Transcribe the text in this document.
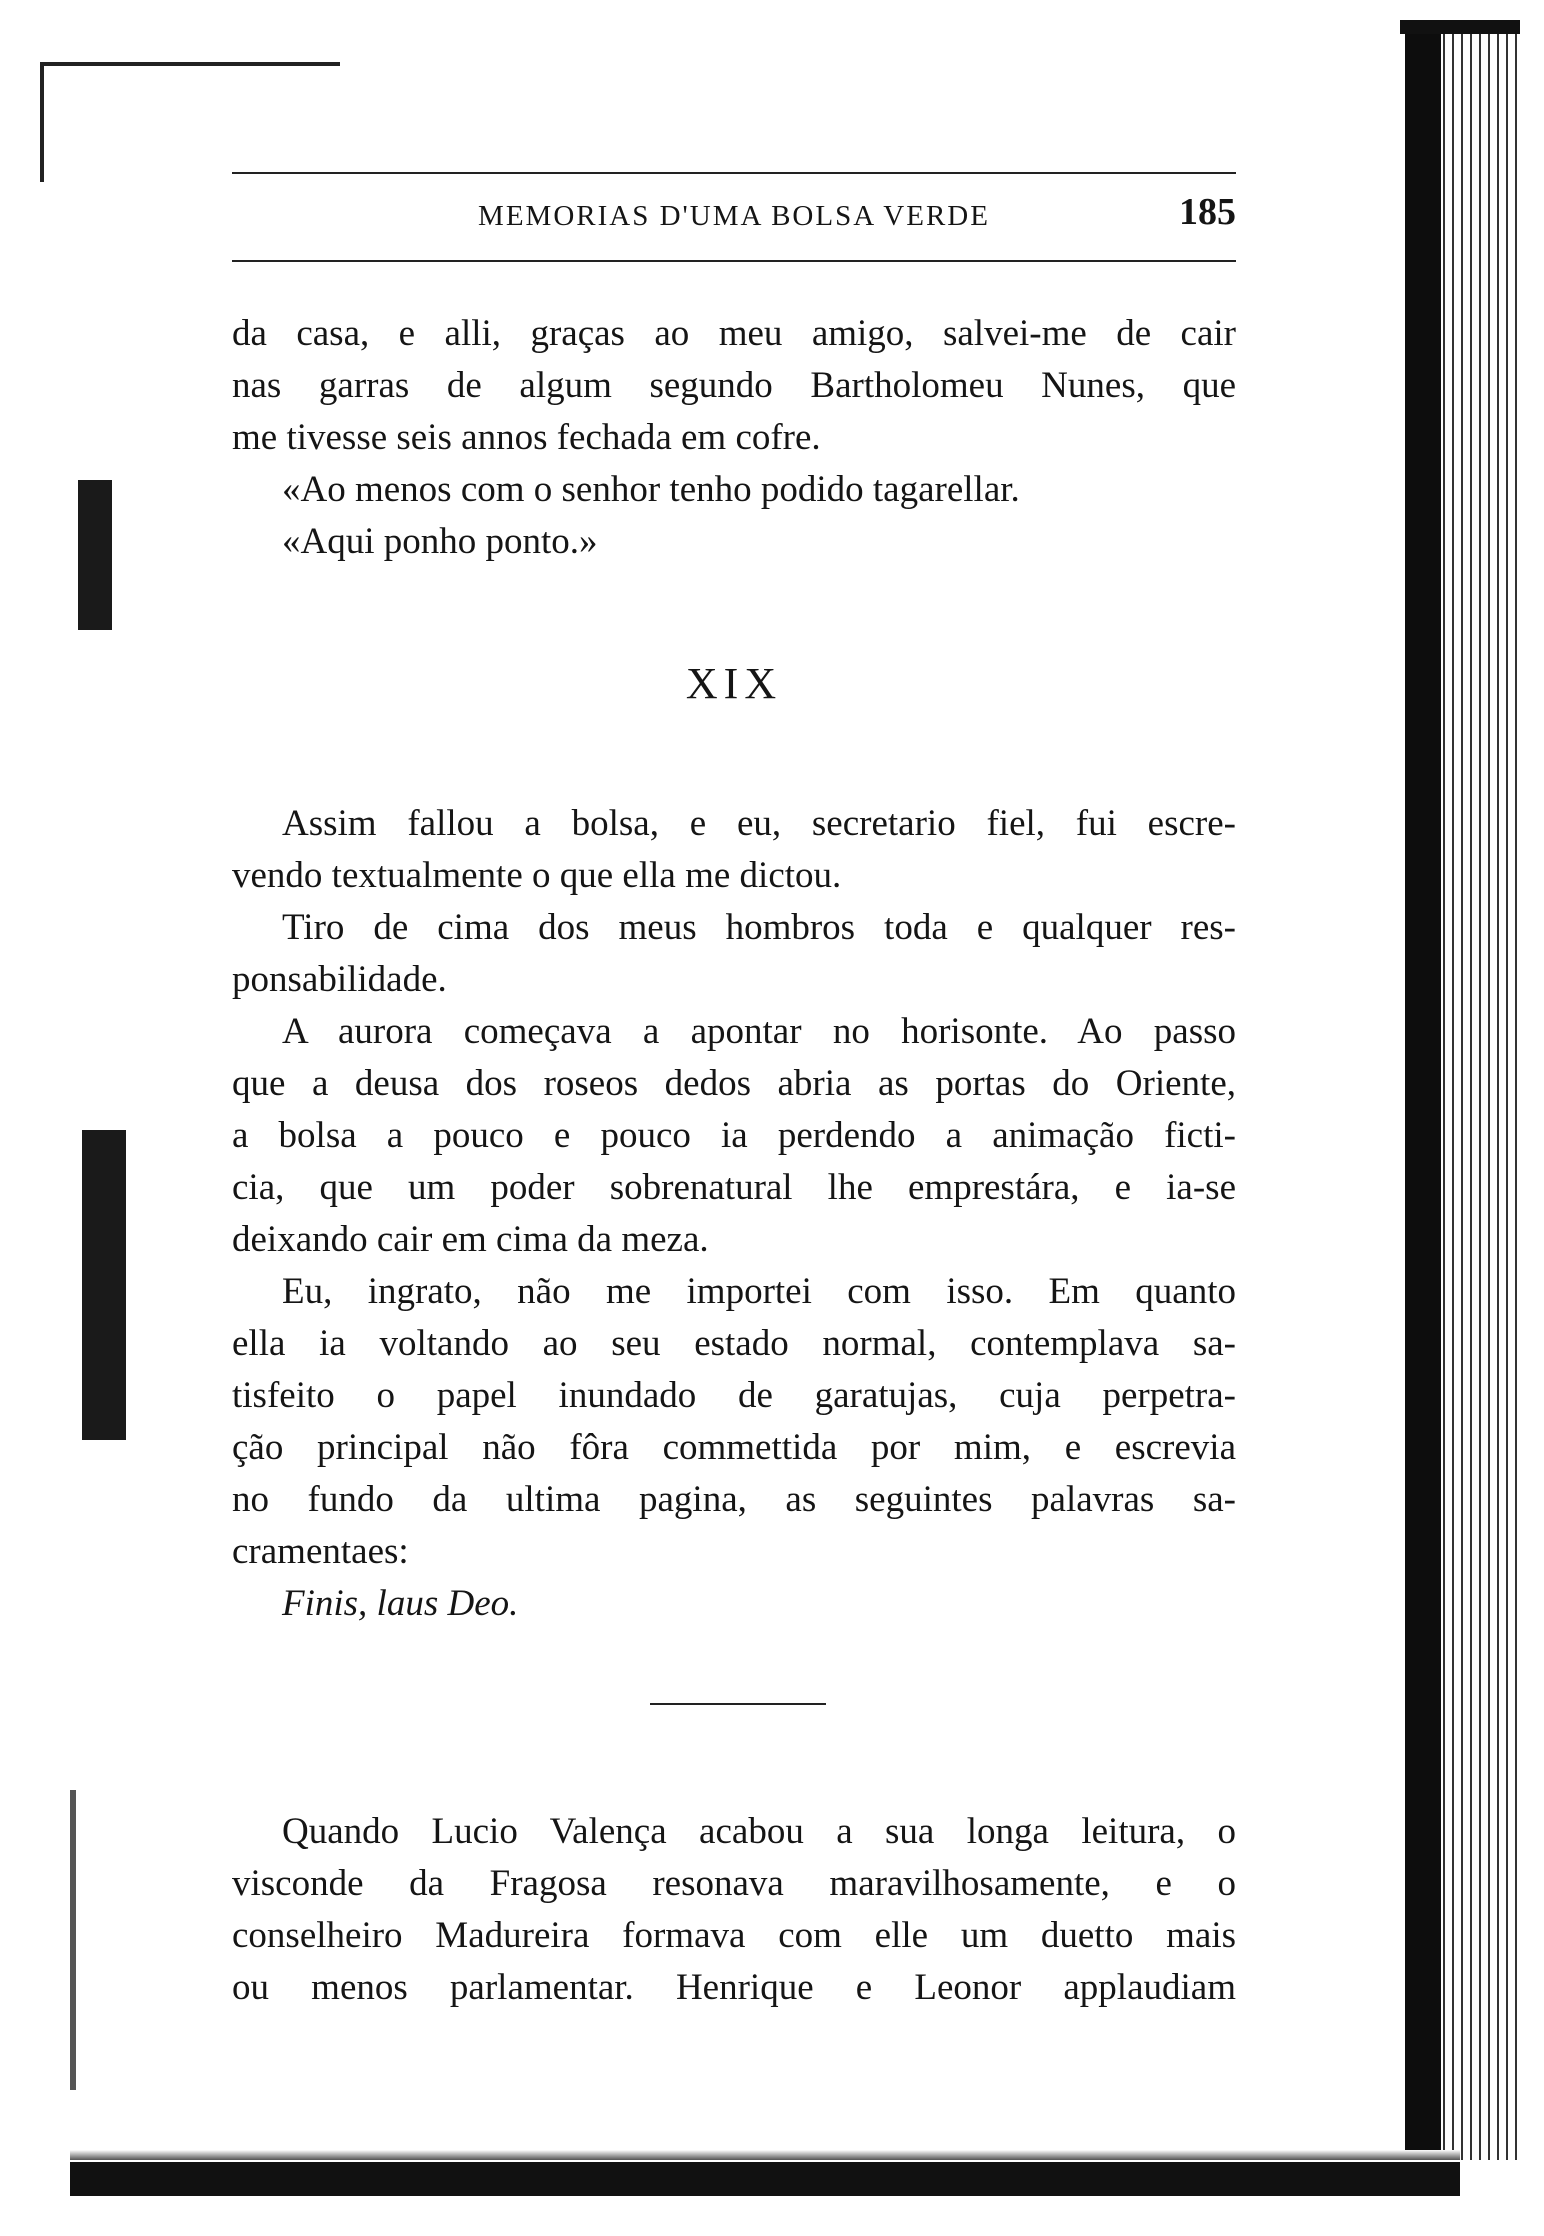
MEMORIAS D'UMA BOLSA VERDE	185
da casa, e alli, graças ao meu amigo, salvei-me de cair
nas garras de algum segundo Bartholomeu Nunes, que
me tivesse seis annos fechada em cofre.
«Ao menos com o senhor tenho podido tagarellar.
«Aqui ponho ponto.»
XIX
Assim fallou a bolsa, e eu, secretario fiel, fui escre-
vendo textualmente o que ella me dictou.
Tiro de cima dos meus hombros toda e qualquer res-
ponsabilidade.
A aurora começava a apontar no horisonte. Ao passo
que a deusa dos roseos dedos abria as portas do Oriente,
a bolsa a pouco e pouco ia perdendo a animação ficti-
cia, que um poder sobrenatural lhe emprestára, e ia-se
deixando cair em cima da meza.
Eu, ingrato, não me importei com isso. Em quanto
ella ia voltando ao seu estado normal, contemplava sa-
tisfeito o papel inundado de garatujas, cuja perpetra-
ção principal não fôra commettida por mim, e escrevia
no fundo da ultima pagina, as seguintes palavras sa-
cramentaes:
Finis, laus Deo.
Quando Lucio Valença acabou a sua longa leitura, o
visconde da Fragosa resonava maravilhosamente, e o
conselheiro Madureira formava com elle um duetto mais
ou menos parlamentar. Henrique e Leonor applaudiam
